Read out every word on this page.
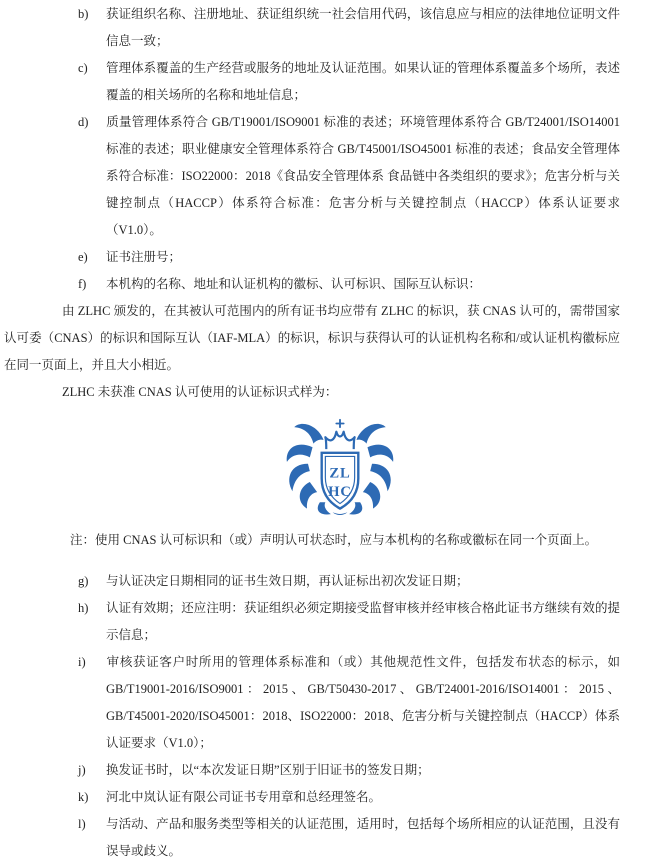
b) 获证组织名称、注册地址、获证组织统一社会信用代码，该信息应与相应的法律地位证明文件信息一致；
c) 管理体系覆盖的生产经营或服务的地址及认证范围。如果认证的管理体系覆盖多个场所，表述覆盖的相关场所的名称和地址信息；
d) 质量管理体系符合 GB/T19001/ISO9001 标准的表述；环境管理体系符合 GB/T24001/ISO14001 标准的表述；职业健康安全管理体系符合 GB/T45001/ISO45001 标准的表述；食品安全管理体系符合标准：ISO22000：2018《食品安全管理体系 食品链中各类组织的要求》；危害分析与关键控制点（HACCP）体系符合标准：危害分析与关键控制点（HACCP）体系认证要求（V1.0）。
e) 证书注册号；
f) 本机构的名称、地址和认证机构的徽标、认可标识、国际互认标识：
由 ZLHC 颁发的，在其被认可范围内的所有证书均应带有 ZLHC 的标识，获 CNAS 认可的，需带国家认可委（CNAS）的标识和国际互认（IAF-MLA）的标识，标识与获得认可的认证机构名称和/或认证机构徽标应在同一页面上，并且大小相近。
ZLHC 未获准 CNAS 认可使用的认证标识式样为：
ZL
HC
注：使用 CNAS 认可标识和（或）声明认可状态时，应与本机构的名称或徽标在同一个页面上。
g) 与认证决定日期相同的证书生效日期，再认证标出初次发证日期；
h) 认证有效期；还应注明：获证组织必须定期接受监督审核并经审核合格此证书方继续有效的提示信息；
i) 审核获证客户时所用的管理体系标准和（或）其他规范性文件，包括发布状态的标示，如 GB/T19001-2016/ISO9001：2015、GB/T50430-2017、GB/T24001-2016/ISO14001：2015、GB/T45001-2020/ISO45001：2018、ISO22000：2018、危害分析与关键控制点（HACCP）体系认证要求（V1.0）；
j) 换发证书时，以“本次发证日期”区别于旧证书的签发日期；
k) 河北中岚认证有限公司证书专用章和总经理签名。
l) 与活动、产品和服务类型等相关的认证范围，适用时，包括每个场所相应的认证范围，且没有误导或歧义。
